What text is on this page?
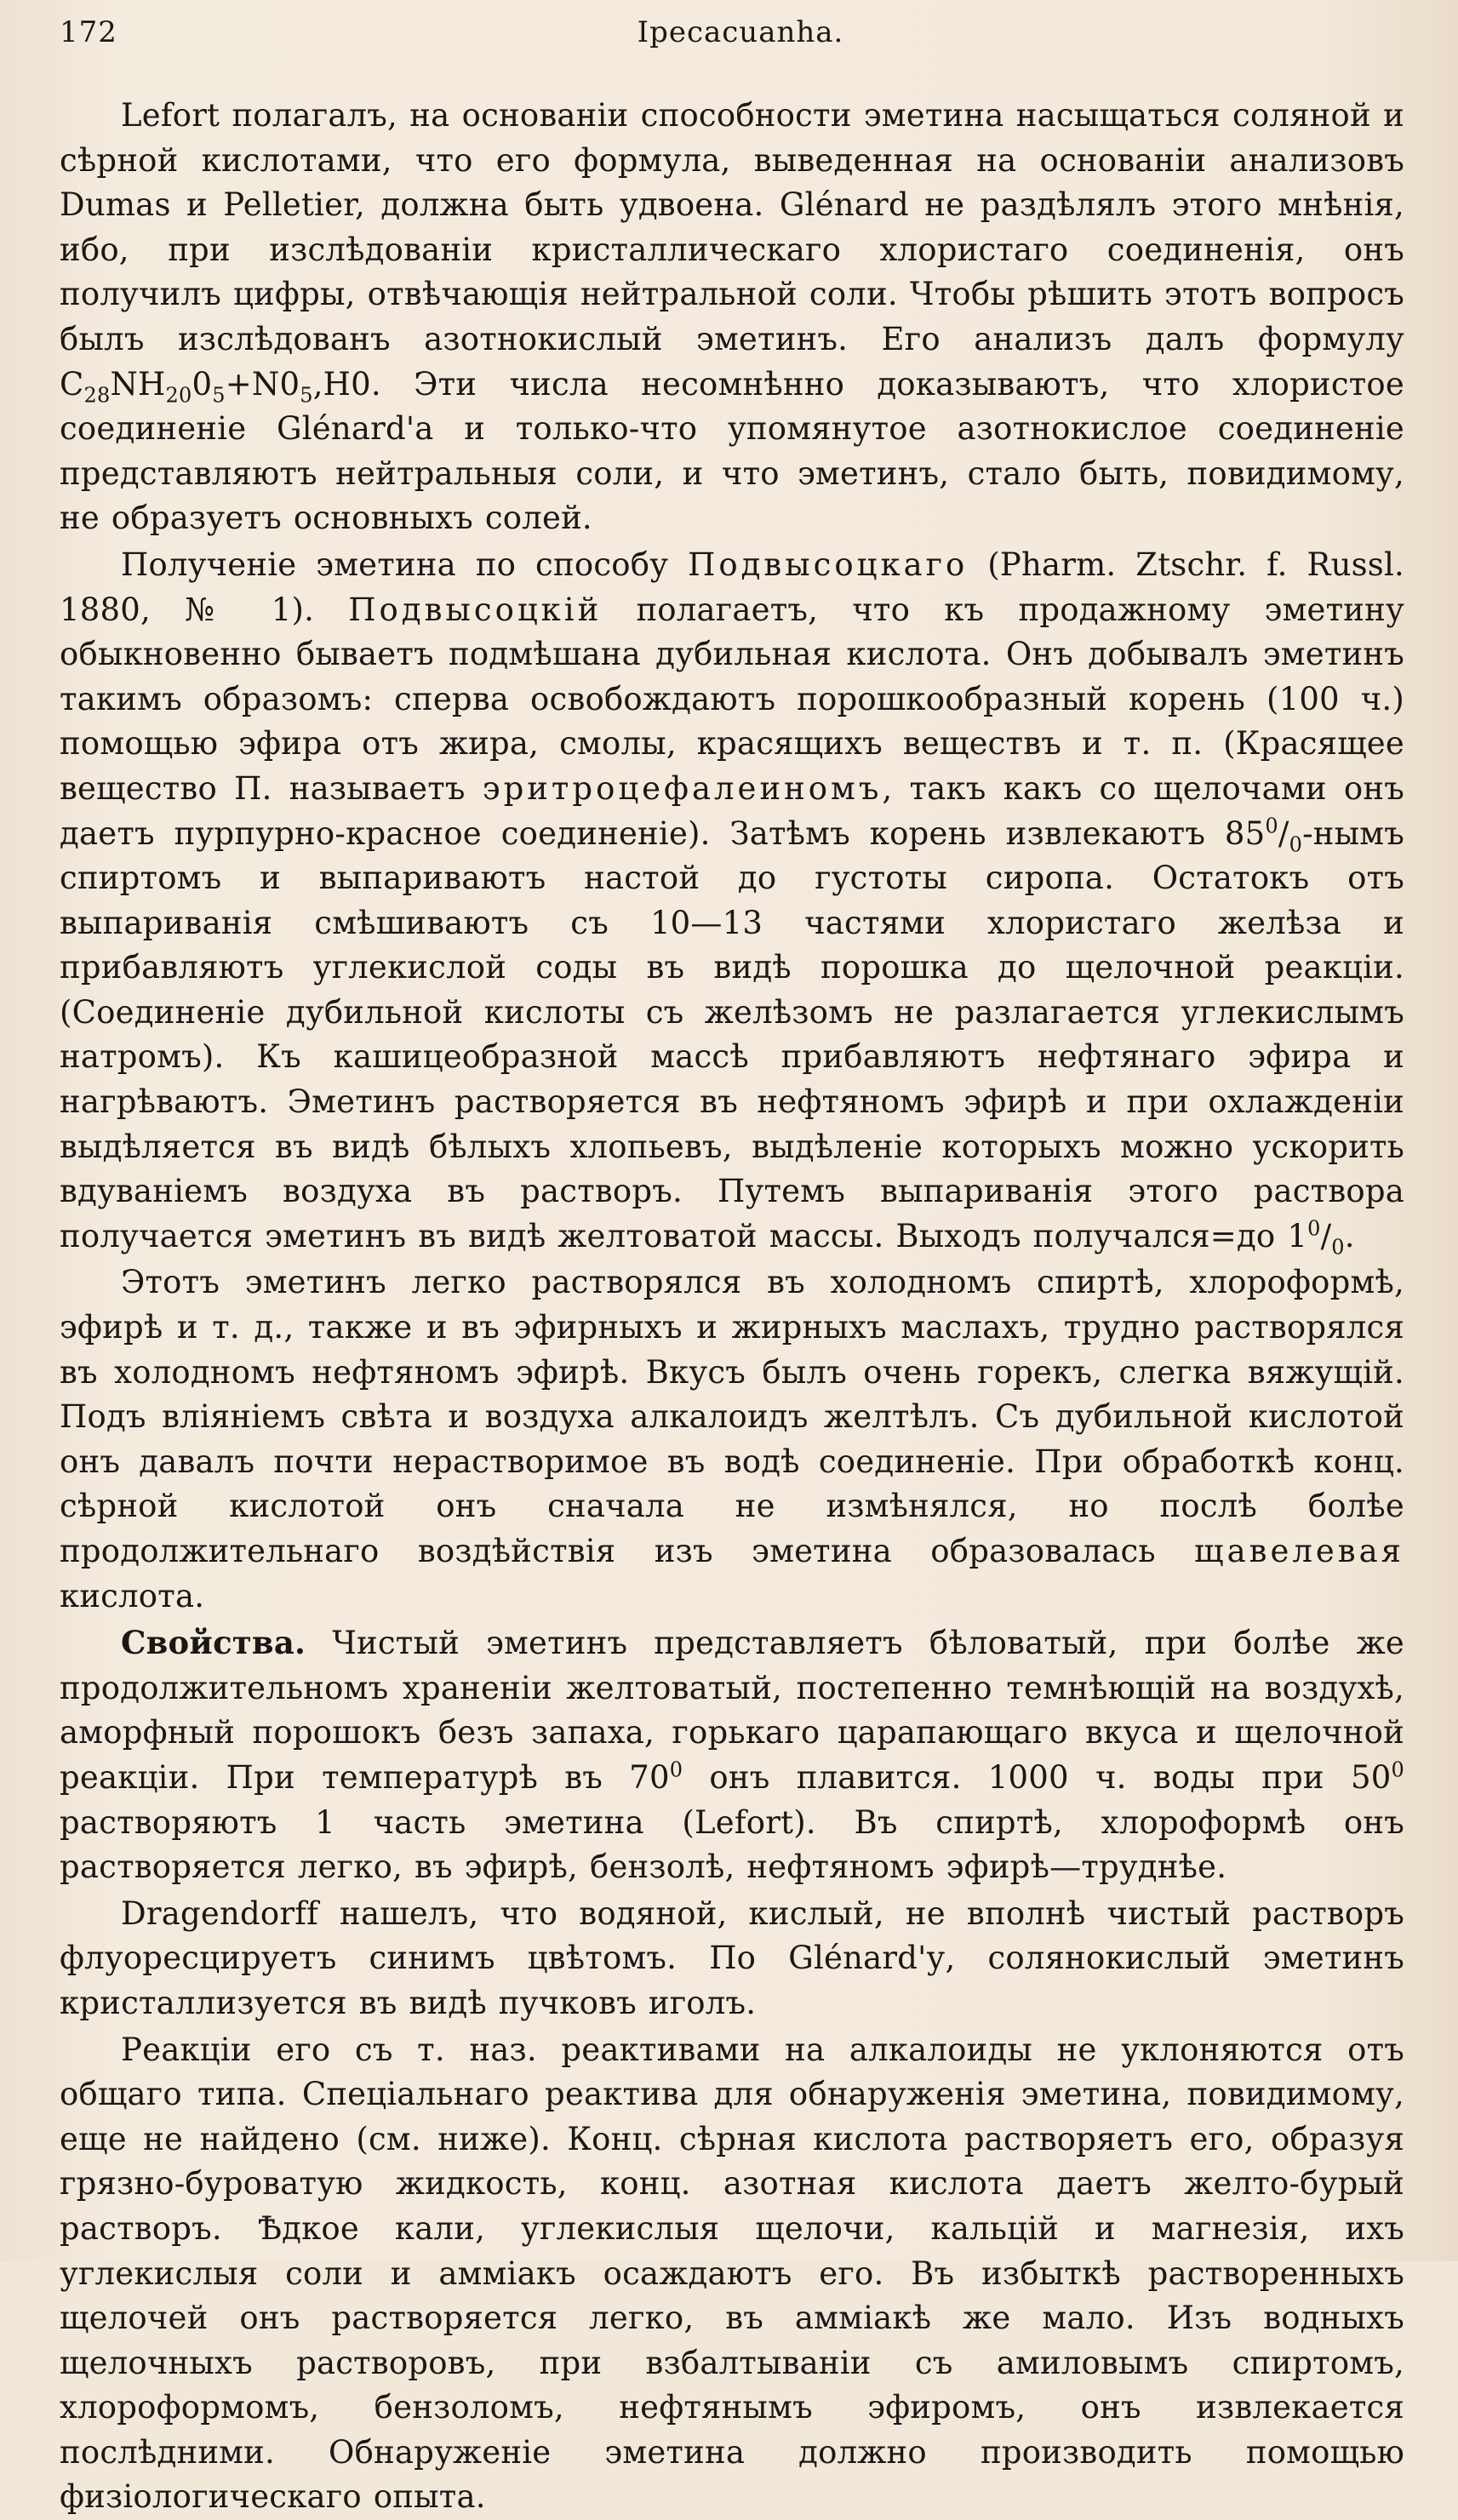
172	Ipecacuanha.

Lefort полагалъ, на основанiи способности эметина насыщаться соляной и сѣрной кислотами, что его формула, выведенная на основанiи анализовъ Dumas и Pelletier, должна быть удвоена. Glénard не раздѣлялъ этого мнѣнiя, ибо, при изслѣдованiи кристаллическаго хлористаго соединенiя, онъ получилъ цифры, отвѣчающiя нейтральной соли. Чтобы рѣшить этотъ вопросъ былъ изслѣдованъ азотнокислый эметинъ. Его анализъ далъ формулу $C_{28}NH_{20}0_5+N0_5,H0$. Эти числа несомнѣнно доказываютъ, что хлористое соединенiе Glénard'а и только-что упомянутое азотнокислое соединенiе представляютъ нейтральныя соли, и что эметинъ, стало быть, повидимому, не образуетъ основныхъ солей.

Полученiе эметина по способу Подвысоцкаго (Pharm. Ztschr. f. Russl. 1880, № 1). Подвысоцкiй полагаетъ, что къ продажному эметину обыкновенно бываетъ подмѣшана дубильная кислота. Онъ добывалъ эметинъ такимъ образомъ: сперва освобождаютъ порошкообразный корень (100 ч.) помощью эфира отъ жира, смолы, красящихъ веществъ и т. п. (Красящее вещество П. называетъ эритроцефалеиномъ, такъ какъ со щелочами онъ даетъ пурпурно-красное соединенiе). Затѣмъ корень извлекаютъ $85^0/_0$-нымъ спиртомъ и выпариваютъ настой до густоты сиропа. Остатокъ отъ выпариванiя смѣшиваютъ съ 10—13 частями хлористаго желѣза и прибавляютъ углекислой соды въ видѣ порошка до щелочной реакцiи. (Соединенiе дубильной кислоты съ желѣзомъ не разлагается углекислымъ натромъ). Къ кашицеобразной массѣ прибавляютъ нефтянаго эфира и нагрѣваютъ. Эметинъ растворяется въ нефтяномъ эфирѣ и при охлажденiи выдѣляется въ видѣ бѣлыхъ хлопьевъ, выдѣленiе которыхъ можно ускорить вдуванiемъ воздуха въ растворъ. Путемъ выпариванiя этого раствора получается эметинъ въ видѣ желтоватой массы. Выходъ получался=до $1^0/_0$.

Этотъ эметинъ легко растворялся въ холодномъ спиртѣ, хлороформѣ, эфирѣ и т. д., также и въ эфирныхъ и жирныхъ маслахъ, трудно растворялся въ холодномъ нефтяномъ эфирѣ. Вкусъ былъ очень горекъ, слегка вяжущiй. Подъ влiянiемъ свѣта и воздуха алкалоидъ желтѣлъ. Съ дубильной кислотой онъ давалъ почти нерастворимое въ водѣ соединенiе. При обработкѣ конц. сѣрной кислотой онъ сначала не измѣнялся, но послѣ болѣе продолжительнаго воздѣйствiя изъ эметина образовалась щавелевая кислота.

Свойства. Чистый эметинъ представляетъ бѣловатый, при болѣе же продолжительномъ храненiи желтоватый, постепенно темнѣющiй на воздухѣ, аморфный порошокъ безъ запаха, горькаго царапающаго вкуса и щелочной реакцiи. При температурѣ въ $70^0$ онъ плавится. 1000 ч. воды при $50^0$ растворяютъ 1 часть эметина (Lefort). Въ спиртѣ, хлороформѣ онъ растворяется легко, въ эфирѣ, бензолѣ, нефтяномъ эфирѣ—труднѣе.

Dragendorff нашелъ, что водяной, кислый, не вполнѣ чистый растворъ флуоресцируетъ синимъ цвѣтомъ. По Glénard'у, солянокислый эметинъ кристаллизуется въ видѣ пучковъ иголъ.

Реакцiи его съ т. наз. реактивами на алкалоиды не уклоняются отъ общаго типа. Спецiальнаго реактива для обнаруженiя эметина, повидимому, еще не найдено (см. ниже). Конц. сѣрная кислота растворяетъ его, образуя грязно-буроватую жидкость, конц. азотная кислота даетъ желто-бурый растворъ. Ѣдкое кали, углекислыя щелочи, кальцiй и магнезiя, ихъ углекислыя соли и амміакъ осаждаютъ его. Въ избыткѣ растворенныхъ щелочей онъ растворяется легко, въ амміакѣ же мало. Изъ водныхъ щелочныхъ растворовъ, при взбалтыванiи съ амиловымъ спиртомъ, хлороформомъ, бензоломъ, нефтянымъ эфиромъ, онъ извлекается послѣдними. Обнаруженiе эметина должно производить помощью физiологическаго опыта.
